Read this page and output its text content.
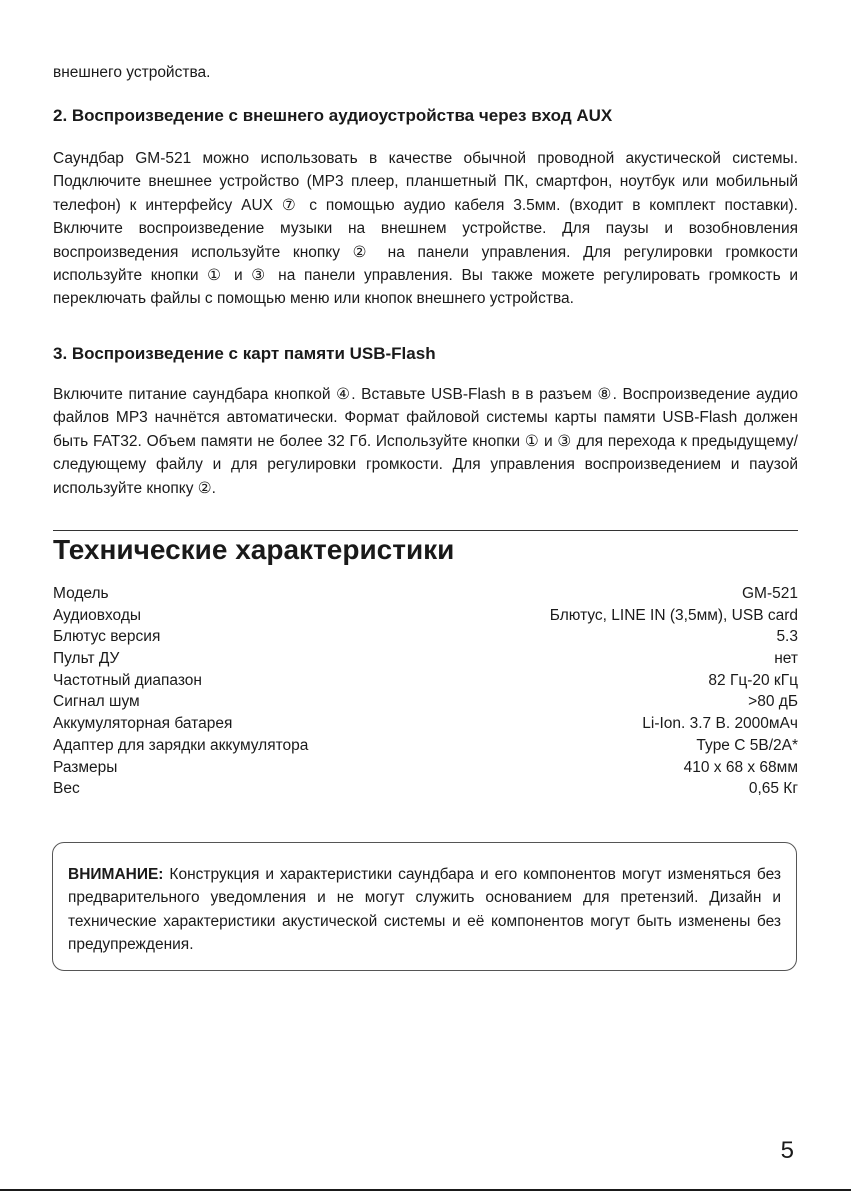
внешнего устройства.

2. Воспроизведение с внешнего аудиоустройства через вход AUX

Саундбар GM-521 можно использовать в качестве обычной проводной акустической системы. Подключите внешнее устройство (MP3 плеер, планшетный ПК, смартфон, ноутбук или мобильный телефон) к интерфейсу AUX ⑦ с помощью аудио кабеля 3.5мм. (входит в комплект поставки). Включите воспроизведение музыки на внешнем устройстве. Для паузы и возобновления воспроизведения используйте кнопку ② на панели управления. Для регулировки громкости используйте кнопки ① и ③ на панели управления. Вы также можете регулировать громкость и переключать файлы с помощью меню или кнопок внешнего устройства.

3. Воспроизведение с карт памяти USB-Flash

Включите питание саундбара кнопкой ④. Вставьте USB-Flash в в разъем ⑧. Воспроизведение аудио файлов MP3 начнётся автоматически. Формат файловой системы карты памяти USB-Flash должен быть FAT32. Объем памяти не более 32 Гб. Используйте кнопки ① и ③ для перехода к предыдущему/следующему файлу и для регулировки громкости. Для управления воспроизведением и паузой используйте кнопку ②.

Технические характеристики
Модель	GM-521
Аудиовходы	Блютус, LINE IN (3,5мм), USB card
Блютус версия	5.3
Пульт ДУ	нет
Частотный диапазон	82 Гц-20 кГц
Сигнал шум	>80 дБ
Аккумуляторная батарея	Li-Ion. 3.7 В. 2000мАч
Адаптер для зарядки аккумулятора	Type C 5В/2А*
Размеры	410 х 68 х 68мм
Вес	0,65 Кг

ВНИМАНИЕ: Конструкция и характеристики саундбара и его компонентов могут изменяться без предварительного уведомления и не могут служить основанием для претензий. Дизайн и технические характеристики акустической системы и её компонентов могут быть изменены без предупреждения.

5
